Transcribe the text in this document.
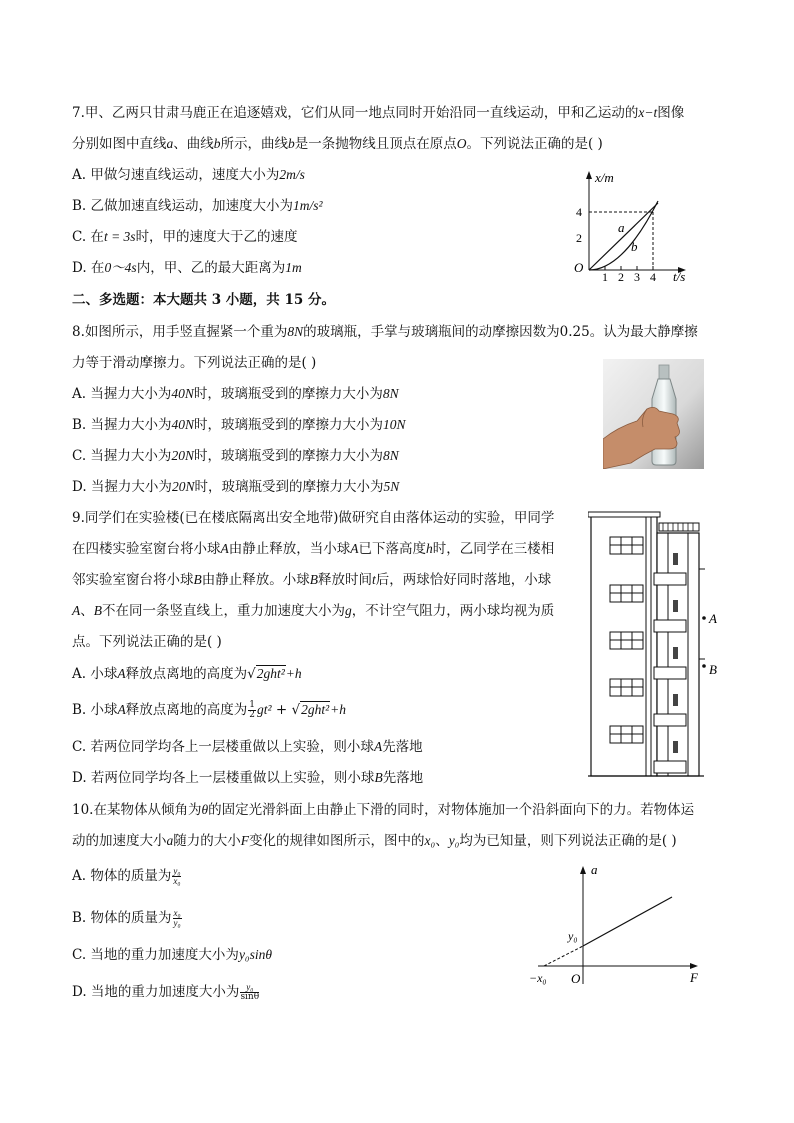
7.甲、乙两只甘肃马鹿正在追逐嬉戏，它们从同一地点同时开始沿同一直线运动，甲和乙运动的x−t图像
分别如图中直线a、曲线b所示，曲线b是一条抛物线且顶点在原点O。下列说法正确的是( )
A. 甲做匀速直线运动，速度大小为2m/s
B. 乙做加速直线运动，加速度大小为1m/s²
C. 在t = 3s时，甲的速度大于乙的速度
D. 在0～4s内，甲、乙的最大距离为1m
x/m
t/s
O
4
2
1 2 3 4
a
b
二、多选题：本大题共 3 小题，共 15 分。
8.如图所示，用手竖直握紧一个重为8N的玻璃瓶，手掌与玻璃瓶间的动摩擦因数为0.25。认为最大静摩擦
力等于滑动摩擦力。下列说法正确的是( )
A. 当握力大小为40N时，玻璃瓶受到的摩擦力大小为8N
B. 当握力大小为40N时，玻璃瓶受到的摩擦力大小为10N
C. 当握力大小为20N时，玻璃瓶受到的摩擦力大小为8N
D. 当握力大小为20N时，玻璃瓶受到的摩擦力大小为5N
9.同学们在实验楼(已在楼底隔离出安全地带)做研究自由落体运动的实验，甲同学
在四楼实验室窗台将小球A由静止释放，当小球A已下落高度h时，乙同学在三楼相
邻实验室窗台将小球B由静止释放。小球B释放时间t后，两球恰好同时落地，小球
A、B不在同一条竖直线上，重力加速度大小为g，不计空气阻力，两小球均视为质
点。下列说法正确的是( )
A. 小球A释放点离地的高度为√2ght²+h
B. 小球A释放点离地的高度为 $\frac{1}{2} gt^2 + √2ght^2+h$
C. 若两位同学均各上一层楼重做以上实验，则小球A先落地
D. 若两位同学均各上一层楼重做以上实验，则小球B先落地
A
B
10.在某物体从倾角为θ的固定光滑斜面上由静止下滑的同时，对物体施加一个沿斜面向下的力。若物体运
动的加速度大小a随力的大小F变化的规律如图所示，图中的x₀、y₀均为已知量，则下列说法正确的是( )
A. 物体的质量为 $\frac{\text{y₀}}{\text{x₀}}$
B. 物体的质量为 $\frac{\text{x₀}}{\text{y₀}}$
C. 当地的重力加速度大小为y₀sinθ
D. 当地的重力加速度大小为 $\frac{\text{y₀}}{\sin\theta}$
a
F
O
y₀
−x₀
